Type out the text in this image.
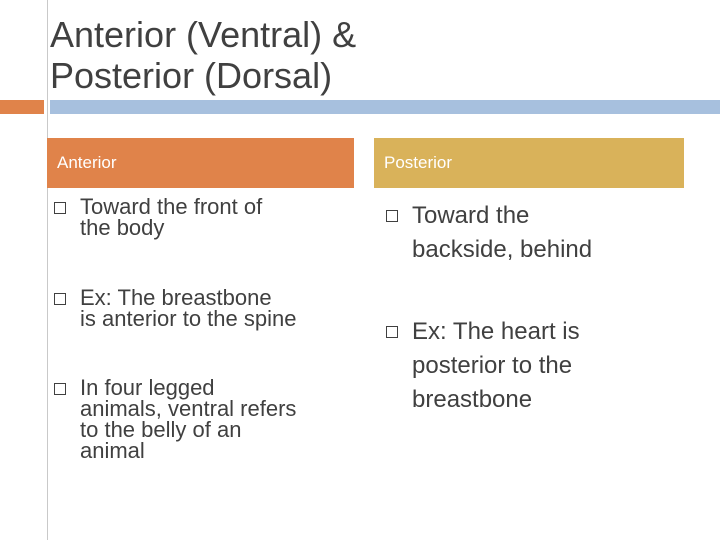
Anterior (Ventral) &
Posterior (Dorsal)
Anterior	Posterior
Toward the front of
the body
Ex: The breastbone
is anterior to the spine
In four legged
animals, ventral refers
to the belly of an
animal
Toward the
backside, behind
Ex: The heart is
posterior to the
breastbone
